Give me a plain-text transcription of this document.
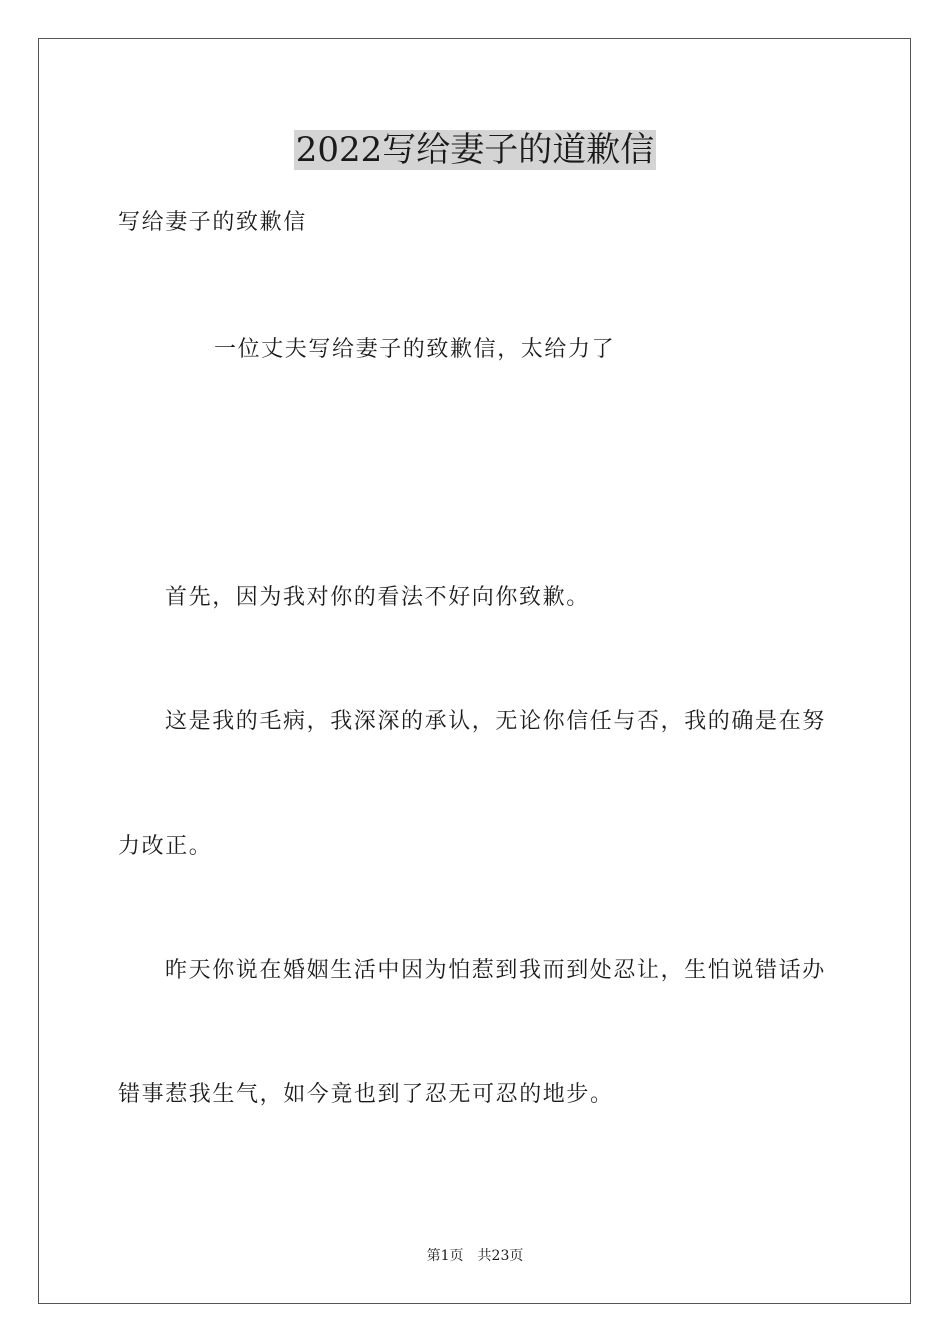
2022写给妻子的道歉信
写给妻子的致歉信
一位丈夫写给妻子的致歉信，太给力了
首先，因为我对你的看法不好向你致歉。
这是我的毛病，我深深的承认，无论你信任与否，我的确是在努
力改正。
昨天你说在婚姻生活中因为怕惹到我而到处忍让，生怕说错话办
错事惹我生气，如今竟也到了忍无可忍的地步。
第1页　共23页
